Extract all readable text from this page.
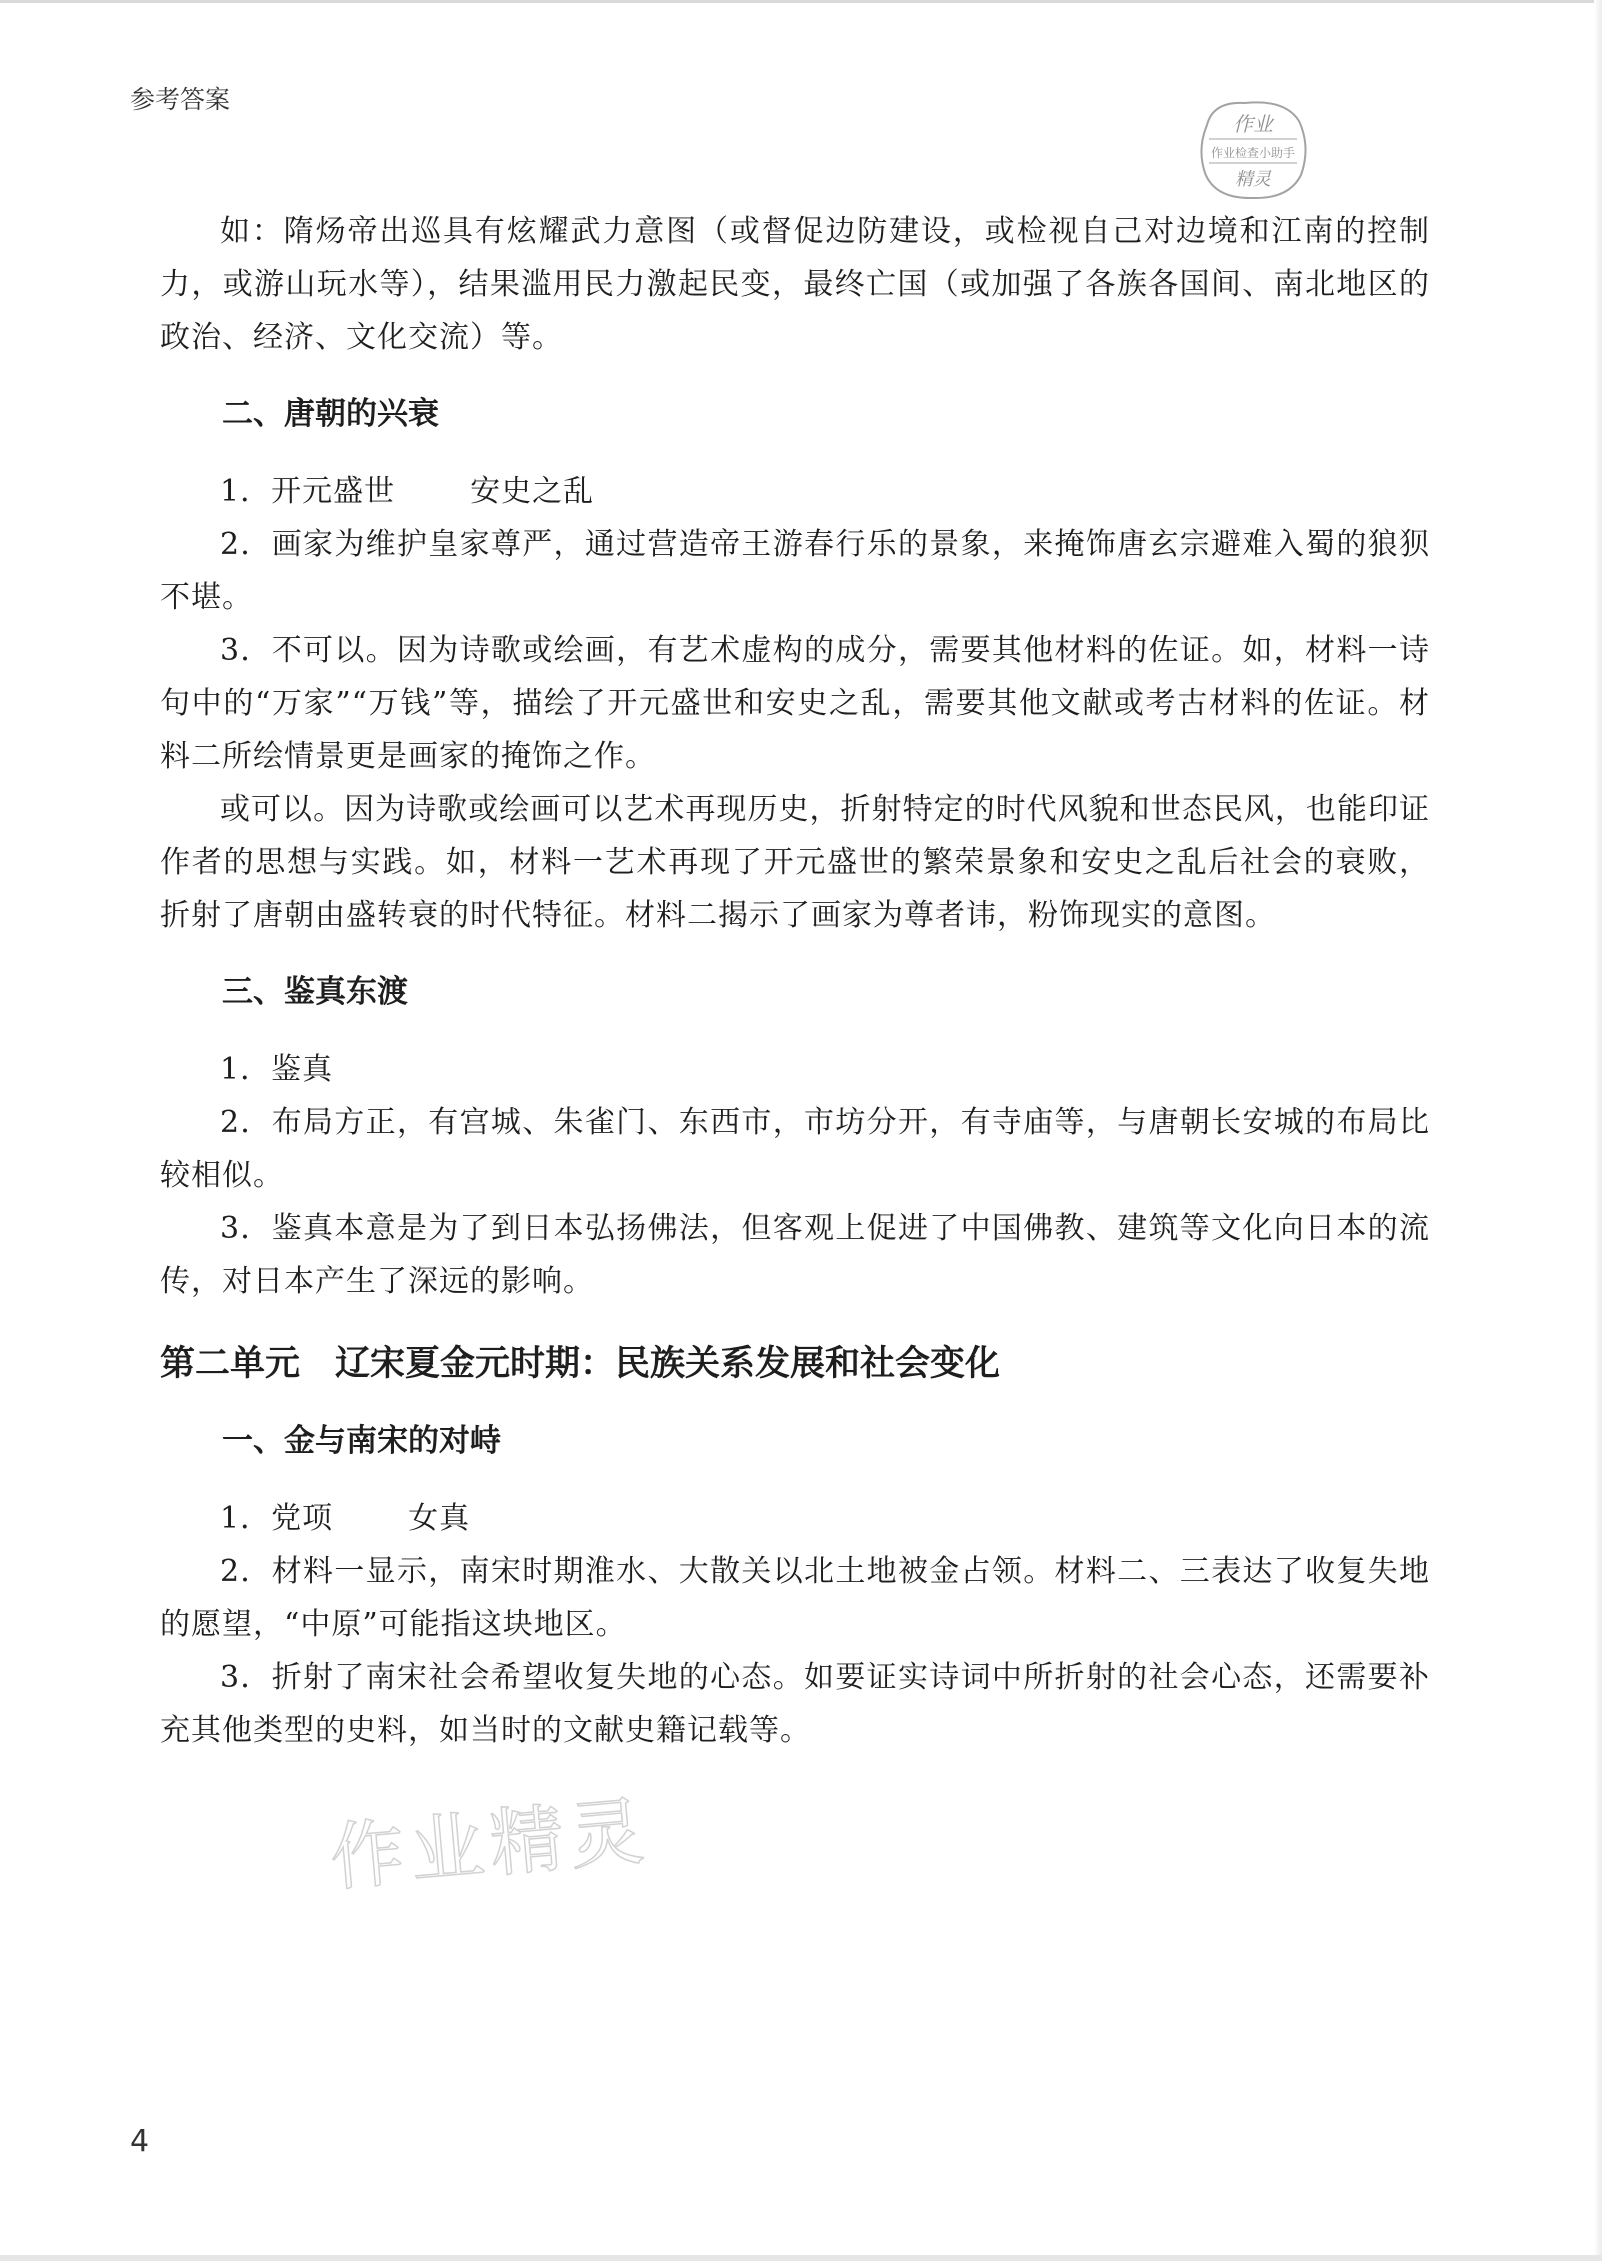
参考答案
作业
作业检查小助手
精灵
作业精灵

如：隋炀帝出巡具有炫耀武力意图（或督促边防建设，或检视自己对边境和江南的控制力，或游山玩水等），结果滥用民力激起民变，最终亡国（或加强了各族各国间、南北地区的政治、经济、文化交流）等。

二、唐朝的兴衰

1．开元盛世	安史之乱

2．画家为维护皇家尊严，通过营造帝王游春行乐的景象，来掩饰唐玄宗避难入蜀的狼狈不堪。

3．不可以。因为诗歌或绘画，有艺术虚构的成分，需要其他材料的佐证。如，材料一诗句中的“万家”“万钱”等，描绘了开元盛世和安史之乱，需要其他文献或考古材料的佐证。材料二所绘情景更是画家的掩饰之作。

或可以。因为诗歌或绘画可以艺术再现历史，折射特定的时代风貌和世态民风，也能印证作者的思想与实践。如，材料一艺术再现了开元盛世的繁荣景象和安史之乱后社会的衰败，折射了唐朝由盛转衰的时代特征。材料二揭示了画家为尊者讳，粉饰现实的意图。

三、鉴真东渡

1．鉴真

2．布局方正，有宫城、朱雀门、东西市，市坊分开，有寺庙等，与唐朝长安城的布局比较相似。

3．鉴真本意是为了到日本弘扬佛法，但客观上促进了中国佛教、建筑等文化向日本的流传，对日本产生了深远的影响。

第二单元　辽宋夏金元时期：民族关系发展和社会变化
一、金与南宋的对峙

1．党项	女真

2．材料一显示，南宋时期淮水、大散关以北土地被金占领。材料二、三表达了收复失地的愿望，“中原”可能指这块地区。

3．折射了南宋社会希望收复失地的心态。如要证实诗词中所折射的社会心态，还需要补充其他类型的史料，如当时的文献史籍记载等。

4
